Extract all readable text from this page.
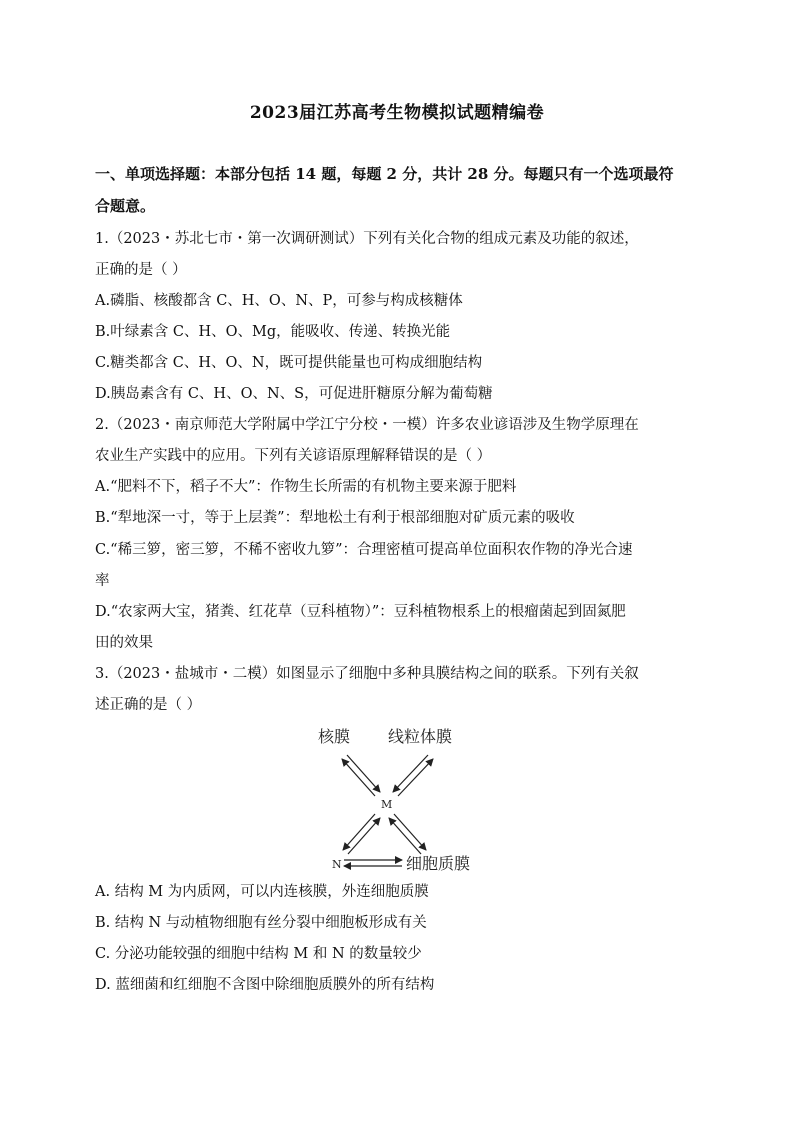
2023届江苏高考生物模拟试题精编卷
一、单项选择题：本部分包括 14 题，每题 2 分，共计 28 分。每题只有一个选项最符
合题意。
1.（2023・苏北七市・第一次调研测试）下列有关化合物的组成元素及功能的叙述，
正确的是（ ）
A.磷脂、核酸都含 C、H、O、N、P，可参与构成核糖体
B.叶绿素含 C、H、O、Mg，能吸收、传递、转换光能
C.糖类都含 C、H、O、N，既可提供能量也可构成细胞结构
D.胰岛素含有 C、H、O、N、S，可促进肝糖原分解为葡萄糖
2.（2023・南京师范大学附属中学江宁分校・一模）许多农业谚语涉及生物学原理在
农业生产实践中的应用。下列有关谚语原理解释错误的是（ ）
A.“肥料不下，稻子不大”：作物生长所需的有机物主要来源于肥料
B.“犁地深一寸，等于上层粪”：犁地松土有利于根部细胞对矿质元素的吸收
C.“稀三箩，密三箩，不稀不密收九箩”：合理密植可提高单位面积农作物的净光合速
率
D.“农家两大宝，猪粪、红花草（豆科植物）”：豆科植物根系上的根瘤菌起到固氮肥
田的效果
3.（2023・盐城市・二模）如图显示了细胞中多种具膜结构之间的联系。下列有关叙
述正确的是（ ）
核膜 线粒体膜
M
N	细胞质膜
A. 结构 M 为内质网，可以内连核膜，外连细胞质膜
B. 结构 N 与动植物细胞有丝分裂中细胞板形成有关
C. 分泌功能较强的细胞中结构 M 和 N 的数量较少
D. 蓝细菌和红细胞不含图中除细胞质膜外的所有结构
